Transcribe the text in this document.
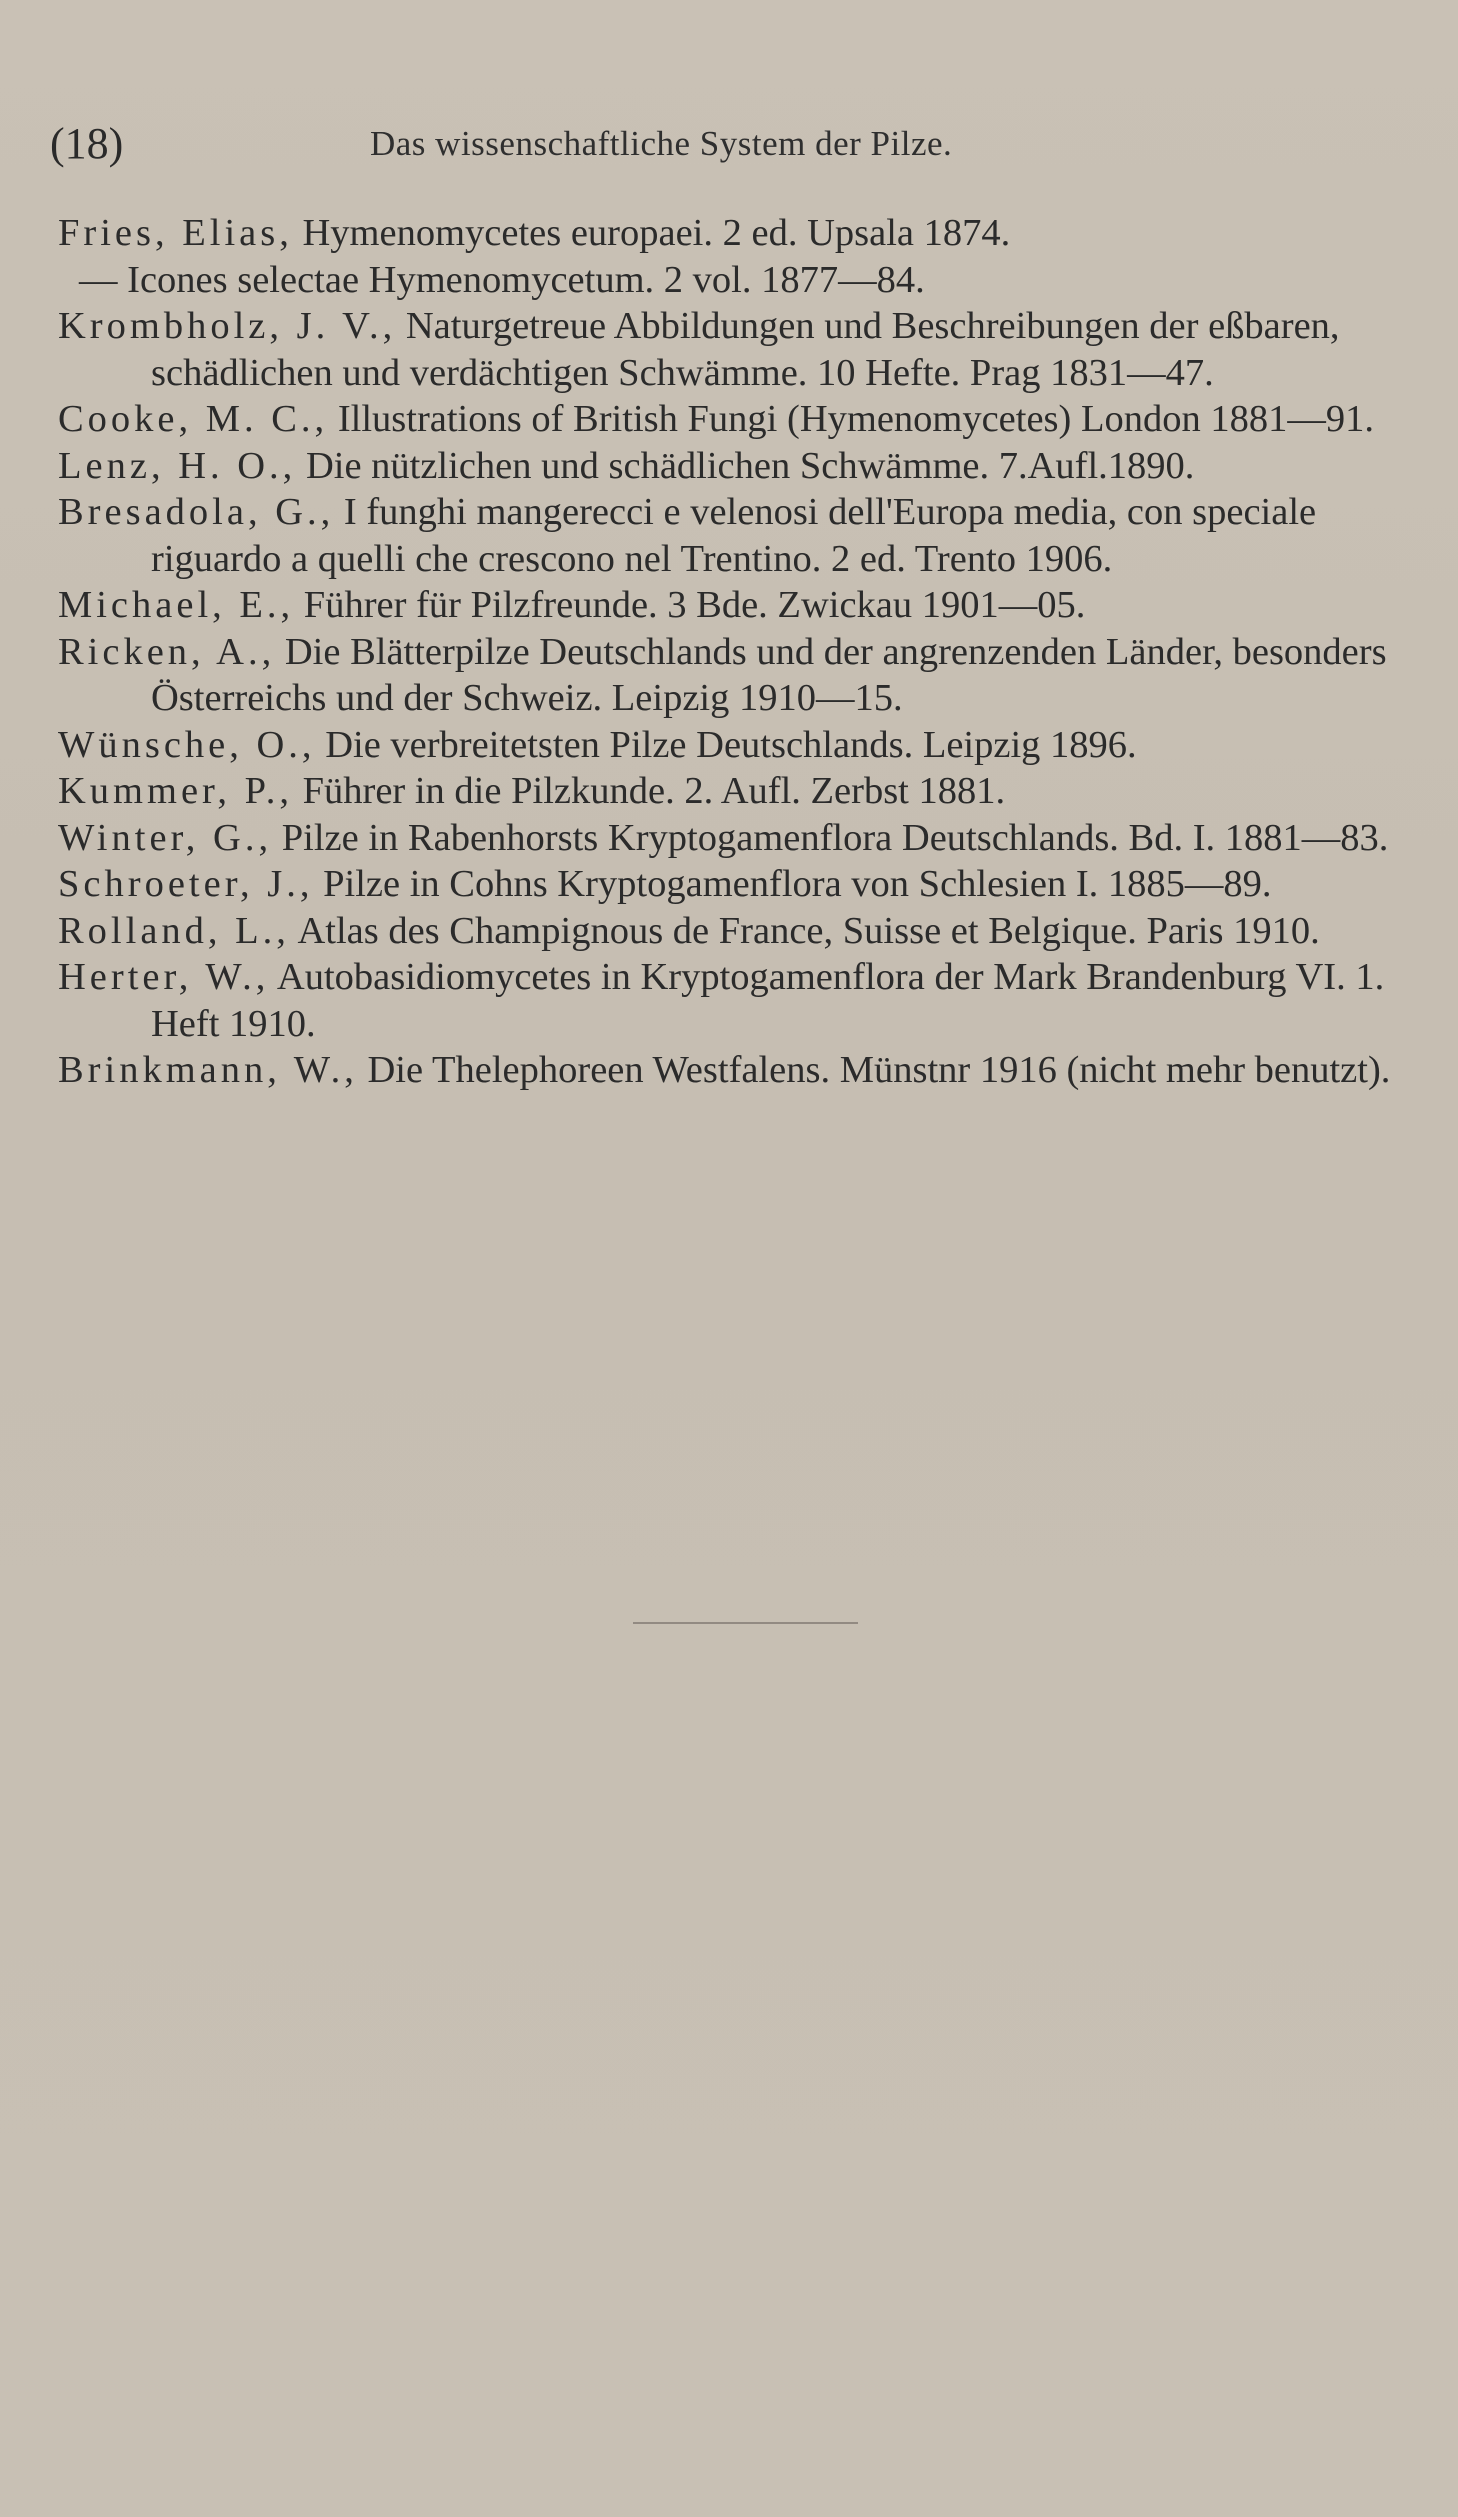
(18)	Das wissenschaftliche System der Pilze.
Fries, Elias, Hymenomycetes europaei. 2 ed. Upsala 1874.
— Icones selectae Hymenomycetum. 2 vol. 1877—84.
Krombholz, J. V., Naturgetreue Abbildungen und Beschreibungen der eßbaren, schädlichen und verdächtigen Schwämme. 10 Hefte. Prag 1831—47.
Cooke, M. C., Illustrations of British Fungi (Hymenomycetes) London 1881—91.
Lenz, H. O., Die nützlichen und schädlichen Schwämme. 7.Aufl.1890.
Bresadola, G., I funghi mangerecci e velenosi dell'Europa media, con speciale riguardo a quelli che crescono nel Trentino. 2 ed. Trento 1906.
Michael, E., Führer für Pilzfreunde. 3 Bde. Zwickau 1901—05.
Ricken, A., Die Blätterpilze Deutschlands und der angrenzenden Länder, besonders Österreichs und der Schweiz. Leipzig 1910—15.
Wünsche, O., Die verbreitetsten Pilze Deutschlands. Leipzig 1896.
Kummer, P., Führer in die Pilzkunde. 2. Aufl. Zerbst 1881.
Winter, G., Pilze in Rabenhorsts Kryptogamenflora Deutschlands. Bd. I. 1881—83.
Schroeter, J., Pilze in Cohns Kryptogamenflora von Schlesien I. 1885—89.
Rolland, L., Atlas des Champignous de France, Suisse et Belgique. Paris 1910.
Herter, W., Autobasidiomycetes in Kryptogamenflora der Mark Brandenburg VI. 1. Heft 1910.
Brinkmann, W., Die Thelephoreen Westfalens. Münstnr 1916 (nicht mehr benutzt).
